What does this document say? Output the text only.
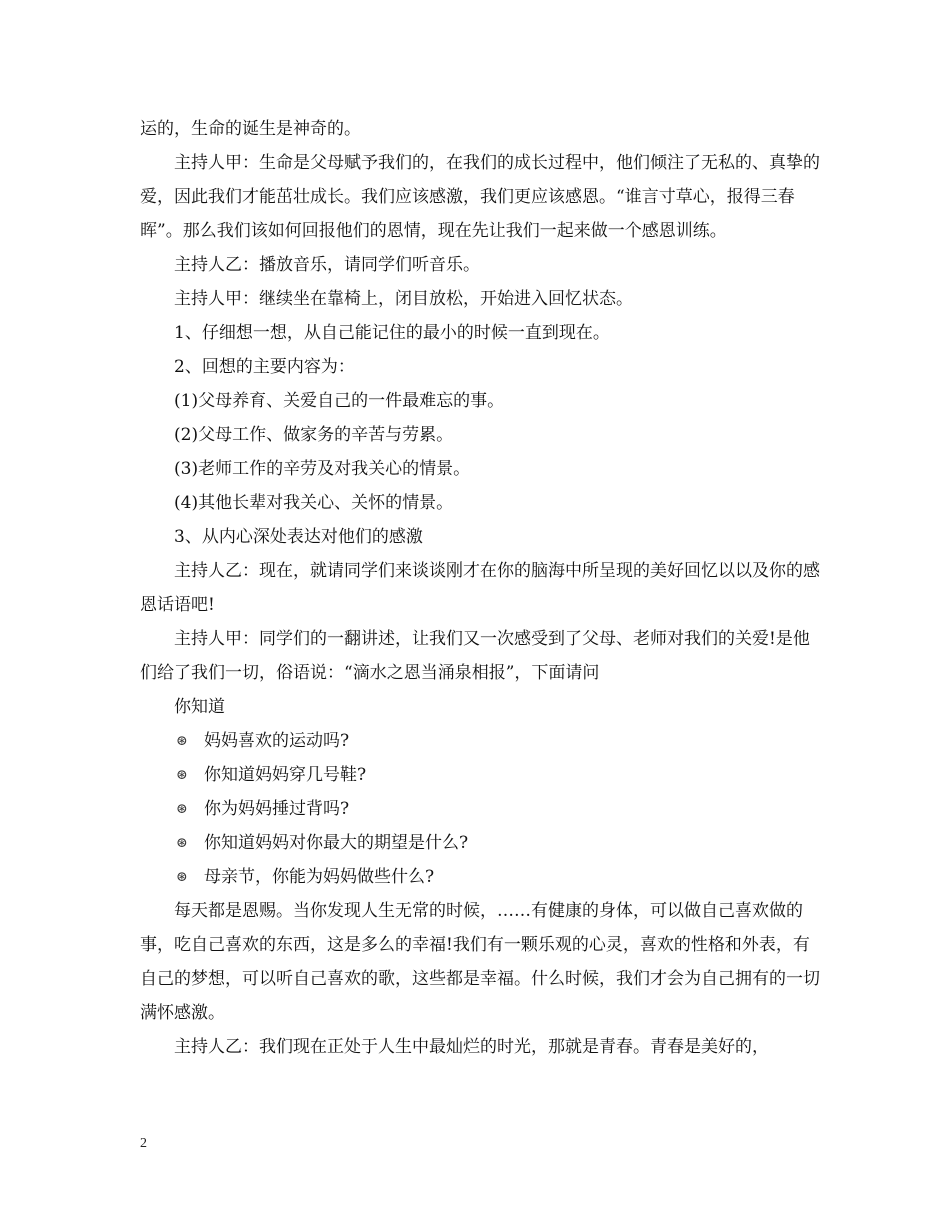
运的，生命的诞生是神奇的。

主持人甲：生命是父母赋予我们的，在我们的成长过程中，他们倾注了无私的、真挚的爱，因此我们才能茁壮成长。我们应该感激，我们更应该感恩。“谁言寸草心，报得三春晖”。那么我们该如何回报他们的恩情，现在先让我们一起来做一个感恩训练。

主持人乙：播放音乐，请同学们听音乐。

主持人甲：继续坐在靠椅上，闭目放松，开始进入回忆状态。

1、仔细想一想，从自己能记住的最小的时候一直到现在。

2、回想的主要内容为：

(1)父母养育、关爱自己的一件最难忘的事。

(2)父母工作、做家务的辛苦与劳累。

(3)老师工作的辛劳及对我关心的情景。

(4)其他长辈对我关心、关怀的情景。

3、从内心深处表达对他们的感激

主持人乙：现在，就请同学们来谈谈刚才在你的脑海中所呈现的美好回忆以以及你的感恩话语吧!

主持人甲：同学们的一翻讲述，让我们又一次感受到了父母、老师对我们的关爱!是他们给了我们一切，俗语说：“滴水之恩当涌泉相报”，下面请问

你知道

⊛ 妈妈喜欢的运动吗?
⊛ 你知道妈妈穿几号鞋?
⊛ 你为妈妈捶过背吗?
⊛ 你知道妈妈对你最大的期望是什么?
⊛ 母亲节，你能为妈妈做些什么?

每天都是恩赐。当你发现人生无常的时候，……有健康的身体，可以做自己喜欢做的事，吃自己喜欢的东西，这是多么的幸福!我们有一颗乐观的心灵，喜欢的性格和外表，有自己的梦想，可以听自己喜欢的歌，这些都是幸福。什么时候，我们才会为自己拥有的一切满怀感激。

主持人乙：我们现在正处于人生中最灿烂的时光，那就是青春。青春是美好的，

2
